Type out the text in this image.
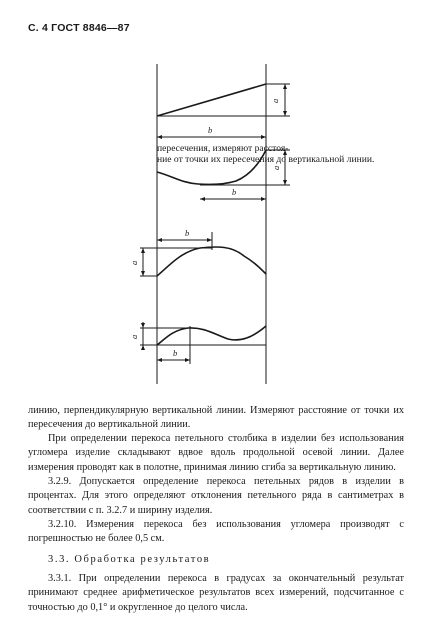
С. 4 ГОСТ 8846—87
a
b
a
b
a
b
a
b
пересечения, измеряют расстоя-
ние от точки их пересечения до вертикальной линии.

линию, перпендикулярную вертикальной линии. Измеряют расстояние от точки их пересечения до вертикальной линии.

При определении перекоса петельного столбика в изделии без использования угломера изделие складывают вдвое вдоль продольной осевой линии. Далее измерения проводят как в полотне, принимая линию сгиба за вертикальную линию.

3.2.9. Допускается определение перекоса петельных рядов в изделии в процентах. Для этого определяют отклонения петельного ряда в сантиметрах в соответствии с п. 3.2.7 и ширину изделия.

3.2.10. Измерения перекоса без использования угломера производят с погрешностью не более 0,5 см.

3.3. Обработка результатов

3.3.1. При определении перекоса в градусах за окончательный результат принимают среднее арифметическое результатов всех измерений, подсчитанное с точностью до 0,1° и округленное до целого числа.
